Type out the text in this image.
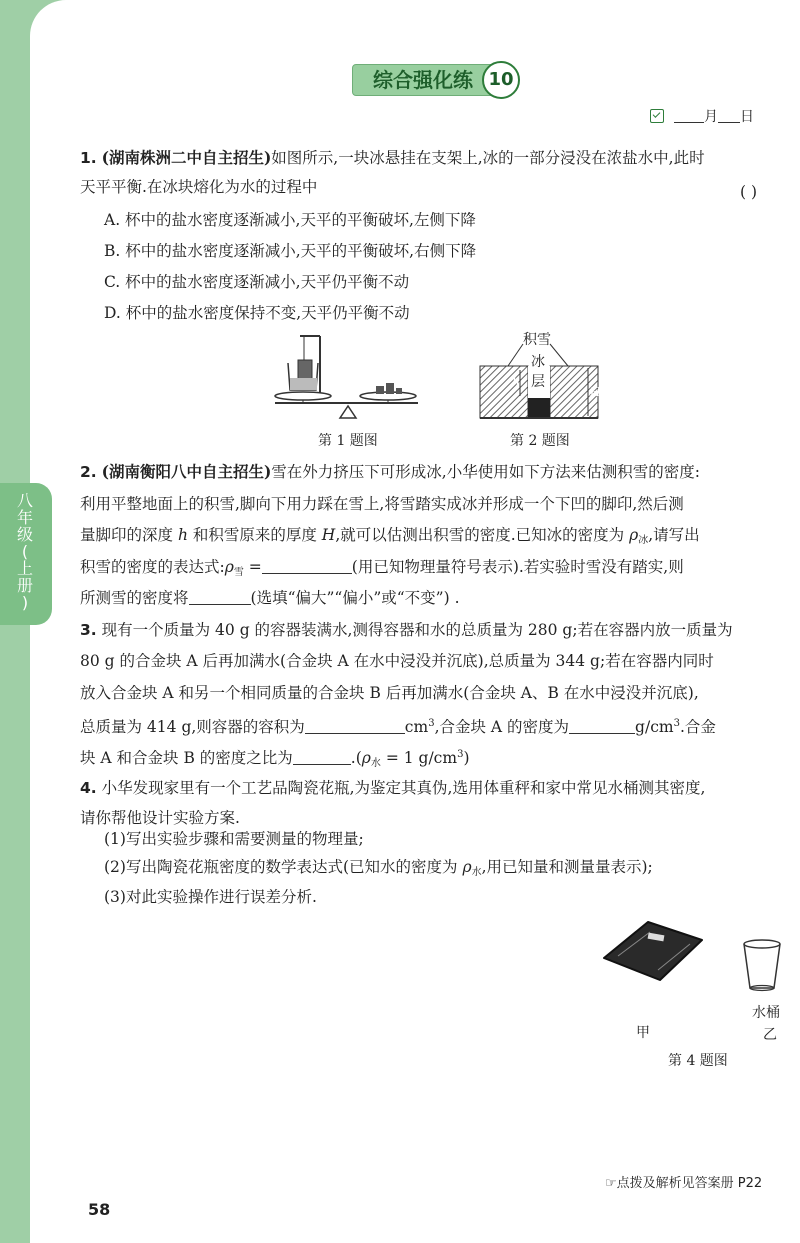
综合强化练 10
月 日
八
年
级
(
上
册
)
1. (湖南株洲二中自主招生)如图所示,一块冰悬挂在支架上,冰的一部分浸没在浓盐水中,此时
天平平衡.在冰块熔化为水的过程中	( )
A. 杯中的盐水密度逐渐减小,天平的平衡破坏,左侧下降
B. 杯中的盐水密度逐渐减小,天平的平衡破坏,右侧下降
C. 杯中的盐水密度逐渐减小,天平仍平衡不动
D. 杯中的盐水密度保持不变,天平仍平衡不动
第 1 题图
积雪
冰
层
h
H
第 2 题图
2. (湖南衡阳八中自主招生)雪在外力挤压下可形成冰,小华使用如下方法来估测积雪的密度:
利用平整地面上的积雪,脚向下用力踩在雪上,将雪踏实成冰并形成一个下凹的脚印,然后测
量脚印的深度 h 和积雪原来的厚度 H,就可以估测出积雪的密度.已知冰的密度为 $\rho_冰$,请写出
积雪的密度的表达式$:\rho_雪$ =	(用已知物理量符号表示).若实验时雪没有踏实,则
所测雪的密度将	(选填“偏大”“偏小”或“不变”) .
3. 现有一个质量为 40 g 的容器装满水,测得容器和水的总质量为 280 g;若在容器内放一质量为
80 g 的合金块 A 后再加满水(合金块 A 在水中浸没并沉底),总质量为 344 g;若在容器内同时
放入合金块 A 和另一个相同质量的合金块 B 后再加满水(合金块 A、B 在水中浸没并沉底),
总质量为 414 g,则容器的容积为	$cm^3$,合金块 A 的密度为	$g/cm^3$.合金
块 A 和合金块 B 的密度之比为	$.(\rho_水 = 1$ $g/cm^3$)
4. 小华发现家里有一个工艺品陶瓷花瓶,为鉴定其真伪,选用体重秤和家中常见水桶测其密度,
请你帮他设计实验方案.
(1)写出实验步骤和需要测量的物理量;
(2)写出陶瓷花瓶密度的数学表达式(已知水的密度为 $\rho_水$,用已知量和测量量表示);
(3)对此实验操作进行误差分析.
水桶
甲	乙
第 4 题图
☞点拨及解析见答案册 P22
58
